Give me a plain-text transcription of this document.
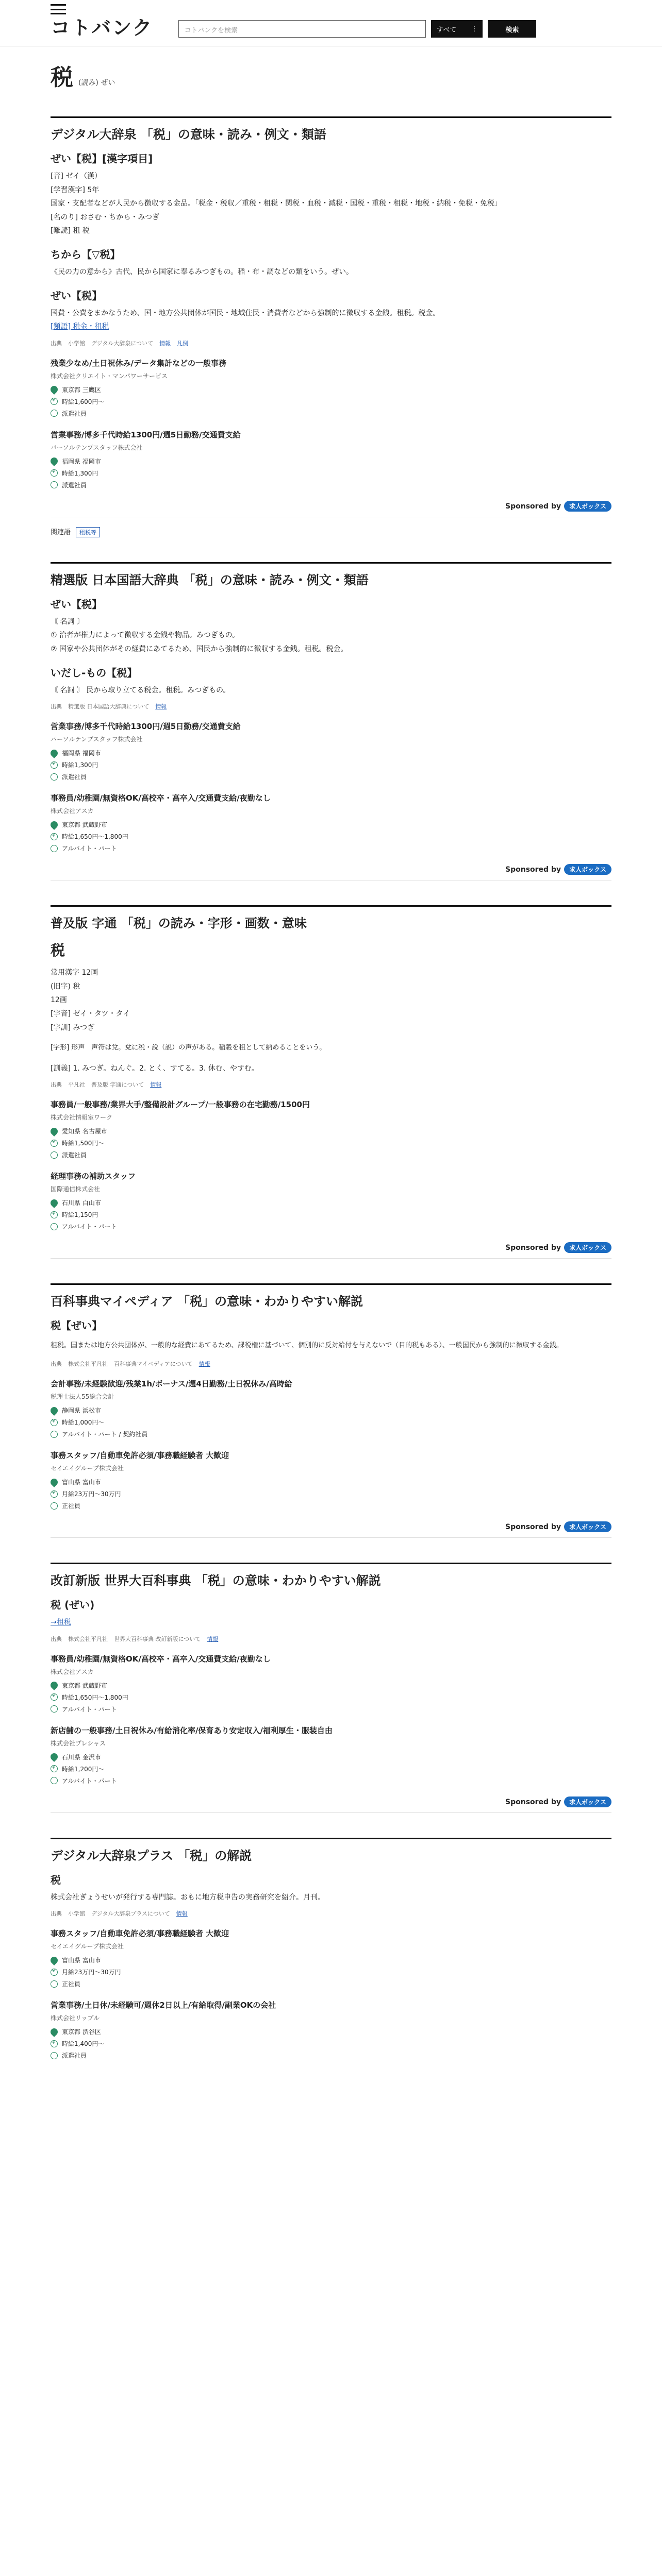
コトバンク	コトバンクを検索	すべて ⋮	検索
税 (読み) ぜい
デジタル大辞泉 「税」の意味・読み・例文・類語
ぜい【税】[漢字項目]
[音] ゼイ（漢）
[学習漢字] 5年
国家・支配者などが人民から徴収する金品。「税金・税収／重税・租税・関税・血税・減税・国税・重税・租税・地税・納税・免税・免税」
[名のり] おさむ・ちから・みつぎ
[難読] 租 税
ちから【▽税】
《民の力の意から》古代、民から国家に奉るみつぎもの。稲・布・調などの類をいう。ぜい。
ぜい【税】
国費・公費をまかなうため、国・地方公共団体が国民・地域住民・消費者などから強制的に徴収する金銭。租税。税金。
[類語] 税金・租税
出典 小学館 デジタル大辞泉について 情報 凡例
残業少なめ/土日祝休み/データ集計などの一般事務
株式会社クリエイト・マンパワーサービス
東京都 三鷹区
¥
時給1,600円〜
派遣社員
営業事務/博多千代時給1300円/週5日勤務/交通費支給
パーソルテンプスタッフ株式会社
福岡県 福岡市
¥
時給1,300円
派遣社員
Sponsored by 求人ボックス
関連語 租税等
精選版 日本国語大辞典 「税」の意味・読み・例文・類語
ぜい【税】
〘 名詞 〙
① 治者が権力によって徴収する金銭や物品。みつぎもの。
② 国家や公共団体がその経費にあてるため、国民から強制的に徴収する金銭。租税。税金。
いだし-もの【税】
〘 名詞 〙 民から取り立てる税金。租税。みつぎもの。
出典 精選版 日本国語大辞典について 情報
営業事務/博多千代時給1300円/週5日勤務/交通費支給
パーソルテンプスタッフ株式会社
福岡県 福岡市
¥
時給1,300円
派遣社員
事務員/幼稚園/無資格OK/高校卒・高卒入/交通費支給/夜勤なし
株式会社アスカ
東京都 武蔵野市
¥
時給1,650円〜1,800円
アルバイト・パート
Sponsored by 求人ボックス
普及版 字通 「税」の読み・字形・画数・意味
税
常用漢字 12画
(旧字) 稅
12画
[字音] ゼイ・タツ・タイ
[字訓] みつぎ
[字形] 形声　声符は兌。兌に税・説（説）の声がある。稲穀を租として納めることをいう。
[訓義] 1. みつぎ。ねんぐ。2. とく、すてる。3. 休む、やすむ。
出典 平凡社 普及版 字通について 情報
事務員/一般事務/業界大手/整備設計グループ/一般事務の在宅勤務/1500円
株式会社情報室ワーク
愛知県 名古屋市
¥
時給1,500円〜
派遣社員
経理事務の補助スタッフ
国際通信株式会社
石川県 白山市
¥
時給1,150円
アルバイト・パート
Sponsored by 求人ボックス
百科事典マイペディア 「税」の意味・わかりやすい解説
税【ぜい】
租税。国または地方公共団体が、一般的な経費にあてるため、課税権に基づいて、個別的に反対給付を与えないで（目的税もある）、一般国民から強制的に徴収する金銭。
出典 株式会社平凡社 百科事典マイペディアについて 情報
会計事務/未経験歓迎/残業1h/ボーナス/週4日勤務/土日祝休み/高時給
税理士法人55総合会計
静岡県 浜松市
¥
時給1,000円〜
アルバイト・パート / 契約社員
事務スタッフ/自動車免許必須/事務職経験者 大歓迎
セイエイグループ株式会社
富山県 富山市
¥
月給23万円〜30万円
正社員
Sponsored by 求人ボックス
改訂新版 世界大百科事典 「税」の意味・わかりやすい解説
税 (ぜい)
→租税
出典 株式会社平凡社 世界大百科事典 改訂新版について 情報
事務員/幼稚園/無資格OK/高校卒・高卒入/交通費支給/夜勤なし
株式会社アスカ
東京都 武蔵野市
¥
時給1,650円〜1,800円
アルバイト・パート
新店舗の一般事務/土日祝休み/有給消化率/保育あり安定収入/福利厚生・服装自由
株式会社プレシャス
石川県 金沢市
¥
時給1,200円〜
アルバイト・パート
Sponsored by 求人ボックス
デジタル大辞泉プラス 「税」の解説
税
株式会社ぎょうせいが発行する専門誌。おもに地方税申告の実務研究を紹介。月刊。
出典 小学館 デジタル大辞泉プラスについて 情報
事務スタッフ/自動車免許必須/事務職経験者 大歓迎
セイエイグループ株式会社
富山県 富山市
¥
月給23万円〜30万円
正社員
営業事務/土日休/未経験可/週休2日以上/有給取得/副業OKの会社
株式会社リップル
東京都 渋谷区
¥
時給1,400円〜
派遣社員
